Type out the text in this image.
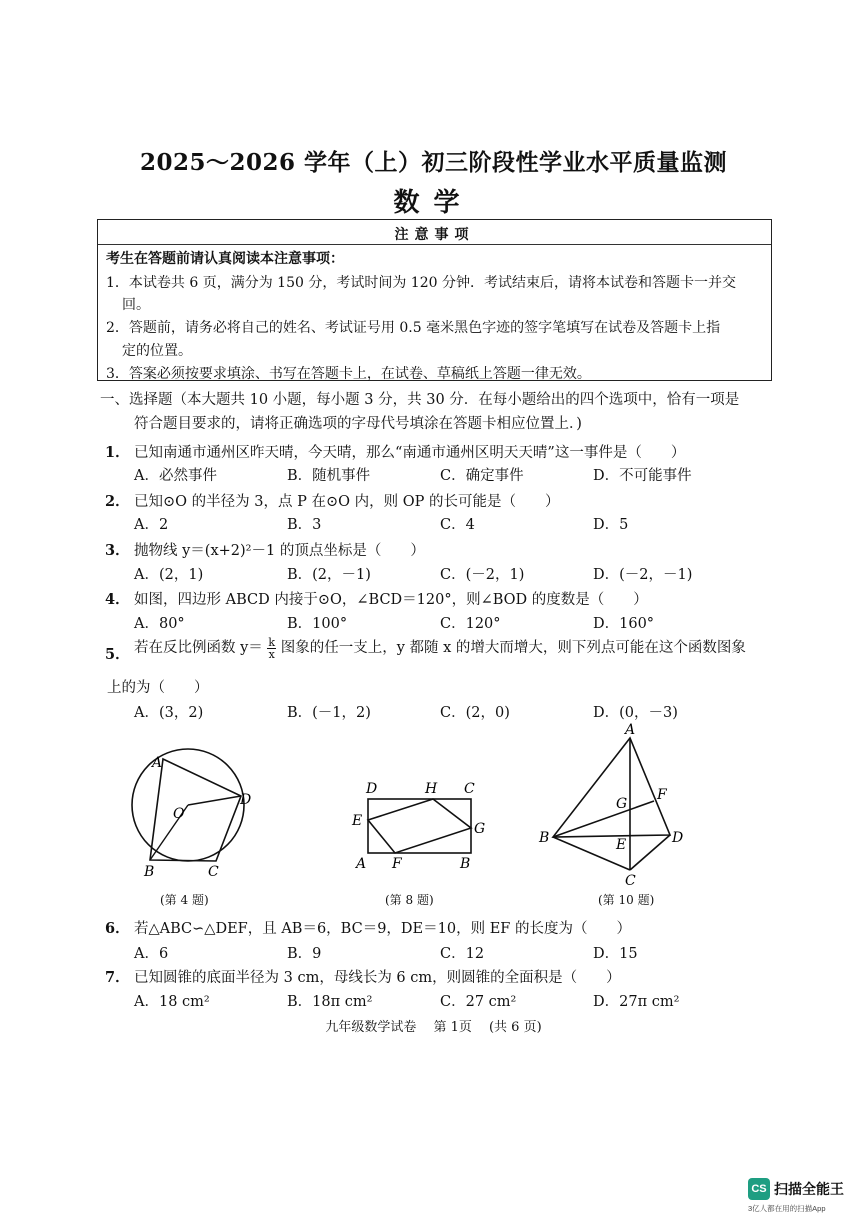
2025～2026 学年（上）初三阶段性学业水平质量监测
数学
注意事项
考生在答题前请认真阅读本注意事项：
1．本试卷共 6 页，满分为 150 分，考试时间为 120 分钟．考试结束后，请将本试卷和答题卡一并交
回。
2．答题前，请务必将自己的姓名、考试证号用 0.5 毫米黑色字迹的签字笔填写在试卷及答题卡上指
定的位置。
3．答案必须按要求填涂、书写在答题卡上，在试卷、草稿纸上答题一律无效。
一、选择题（本大题共 10 小题，每小题 3 分，共 30 分．在每小题给出的四个选项中，恰有一项是
符合题目要求的，请将正确选项的字母代号填涂在答题卡相应位置上．)
1． 已知南通市通州区昨天晴，今天晴，那么“南通市通州区明天天晴”这一事件是（　　）
A．必然事件	B．随机事件	C．确定事件	D．不可能事件
2． 已知⊙O 的半径为 3，点 P 在⊙O 内，则 OP 的长可能是（　　）
A．2	B．3	C．4	D．5
3． 抛物线 y＝(x+2)²－1 的顶点坐标是（　　）
A．(2，1)	B．(2，－1)	C．(－2，1)	D．(－2，－1)
4． 如图，四边形 ABCD 内接于⊙O，∠BCD＝120°，则∠BOD 的度数是（　　）
A．80°	B．100°	C．120°	D．160°
5． 若在反比例函数 $y= \frac{k}{x}$ 图象的任一支上，y 都随 x 的增大而增大，则下列点可能在这个函数图象
上的为（　　）
A．(3，2)	B．(－1，2)	C．(2，0)	D．(0，－3)
A
O
D
B	C
D	H C
E	G
A F	B
A
F
G
B	E	D
C
(第 4 题)	(第 8 题)	(第 10 题)
6． 若△ABC∽△DEF，且 AB＝6，BC＝9，DE＝10，则 EF 的长度为（　　）
A．6	B．9	C．12	D．15
7． 已知圆锥的底面半径为 3 cm，母线长为 6 cm，则圆锥的全面积是（　　）
A．18 cm²	B．18π cm²	C．27 cm²	D．27π cm²
九年级数学试卷　 第 1页　 (共 6 页)
CS 扫描全能王
3亿人都在用的扫描App
